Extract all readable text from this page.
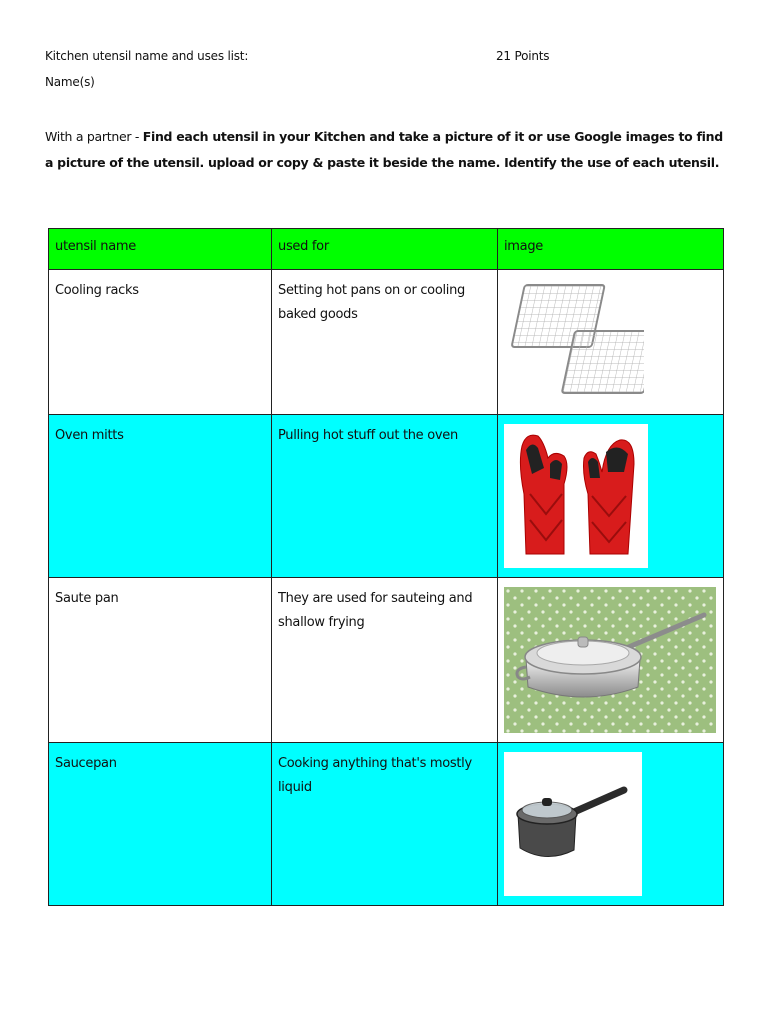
Kitchen utensil name and uses list:	21 Points
Name(s)
With a partner - Find each utensil in your Kitchen and take a picture of it or use Google images to find a picture of the utensil. upload or copy & paste it beside the name. Identify the use of each utensil.
utensil name	used for	image
Cooling racks	Setting hot pans on or cooling baked goods	

Oven mitts	Pulling hot stuff out the oven	

Saute pan	They are used for sauteing and shallow frying	

Saucepan	Cooking anything that's mostly liquid	
